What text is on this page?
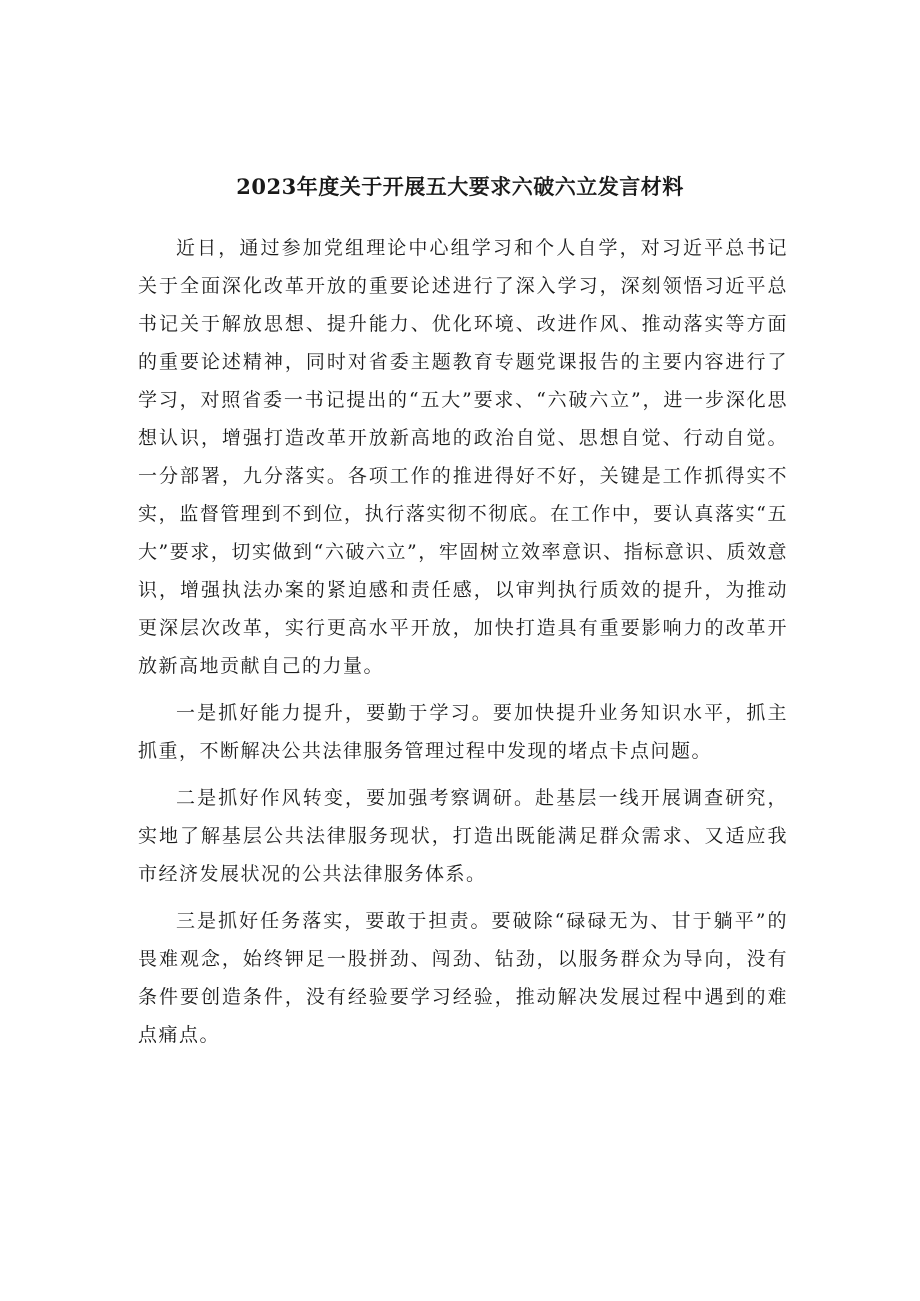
2023年度关于开展五大要求六破六立发言材料

近日，通过参加党组理论中心组学习和个人自学，对习近平总书记关于全面深化改革开放的重要论述进行了深入学习，深刻领悟习近平总书记关于解放思想、提升能力、优化环境、改进作风、推动落实等方面的重要论述精神，同时对省委主题教育专题党课报告的主要内容进行了学习，对照省委一书记提出的“五大”要求、“六破六立”，进一步深化思想认识，增强打造改革开放新高地的政治自觉、思想自觉、行动自觉。一分部署，九分落实。各项工作的推进得好不好，关键是工作抓得实不实，监督管理到不到位，执行落实彻不彻底。在工作中，要认真落实“五大”要求，切实做到“六破六立”，牢固树立效率意识、指标意识、质效意识，增强执法办案的紧迫感和责任感，以审判执行质效的提升，为推动更深层次改革，实行更高水平开放，加快打造具有重要影响力的改革开放新高地贡献自己的力量。

一是抓好能力提升，要勤于学习。要加快提升业务知识水平，抓主抓重，不断解决公共法律服务管理过程中发现的堵点卡点问题。

二是抓好作风转变，要加强考察调研。赴基层一线开展调查研究，实地了解基层公共法律服务现状，打造出既能满足群众需求、又适应我市经济发展状况的公共法律服务体系。

三是抓好任务落实，要敢于担责。要破除“碌碌无为、甘于躺平”的畏难观念，始终钾足一股拼劲、闯劲、钻劲，以服务群众为导向，没有条件要创造条件，没有经验要学习经验，推动解决发展过程中遇到的难点痛点。
